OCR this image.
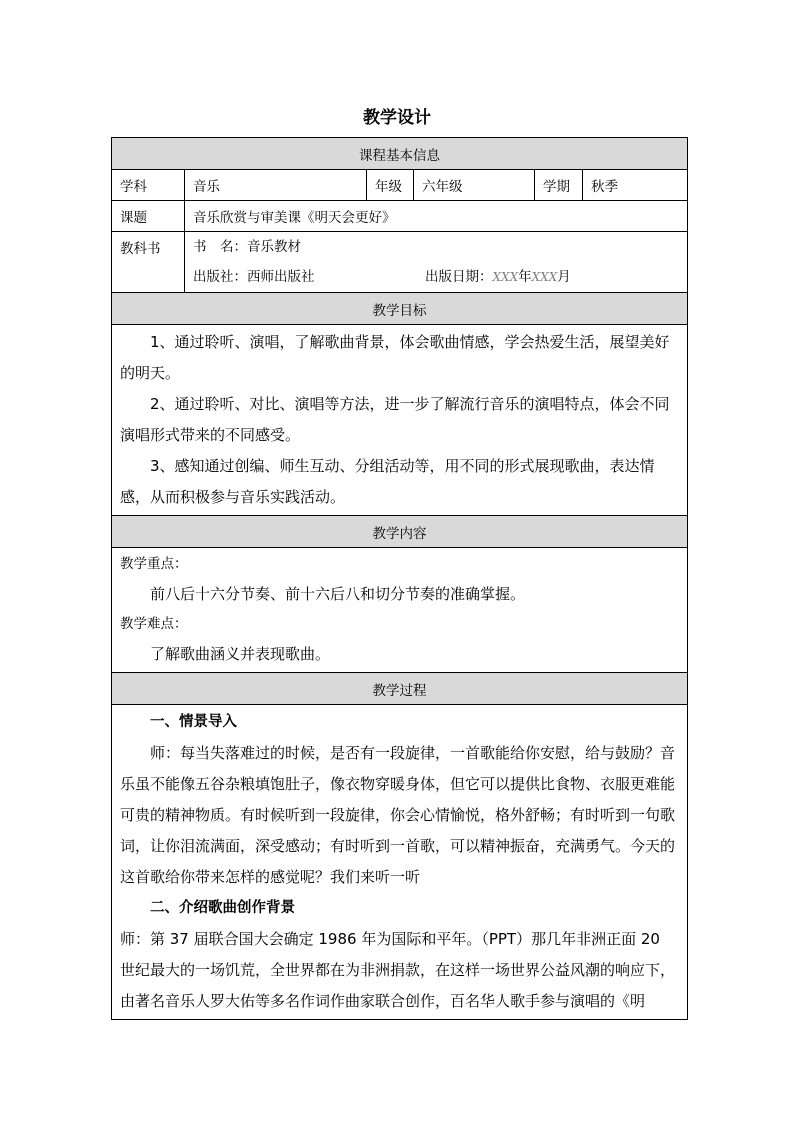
教学设计
课程基本信息					
学科	音乐	年级	六年级	学期	秋季
课题	音乐欣赏与审美课《明天会更好》				
教科书	书　名：音乐教材
出版社：西师出版社 出版日期：XXX年XXX月				

教学目标					

1、通过聆听、演唱，了解歌曲背景，体会歌曲情感，学会热爱生活，展望美好的明天。

2、通过聆听、对比、演唱等方法，进一步了解流行音乐的演唱特点，体会不同演唱形式带来的不同感受。

3、感知通过创编、师生互动、分组活动等，用不同的形式展现歌曲，表达情感，从而积极参与音乐实践活动。					

教学内容					

教学重点：

前八后十六分节奏、前十六后八和切分节奏的准确掌握。

教学难点：

了解歌曲涵义并表现歌曲。					

教学过程					

一、情景导入

师：每当失落难过的时候，是否有一段旋律，一首歌能给你安慰，给与鼓励？音乐虽不能像五谷杂粮填饱肚子，像衣物穿暖身体，但它可以提供比食物、衣服更难能可贵的精神物质。有时候听到一段旋律，你会心情愉悦，格外舒畅；有时听到一句歌词，让你泪流满面，深受感动；有时听到一首歌，可以精神振奋，充满勇气。今天的这首歌给你带来怎样的感觉呢？我们来听一听

二、介绍歌曲创作背景

师：第 37 届联合国大会确定 1986 年为国际和平年。（PPT）那几年非洲正面 20 世纪最大的一场饥荒，全世界都在为非洲捐款，在这样一场世界公益风潮的响应下，由著名音乐人罗大佑等多名作词作曲家联合创作，百名华人歌手参与演唱的《明					
